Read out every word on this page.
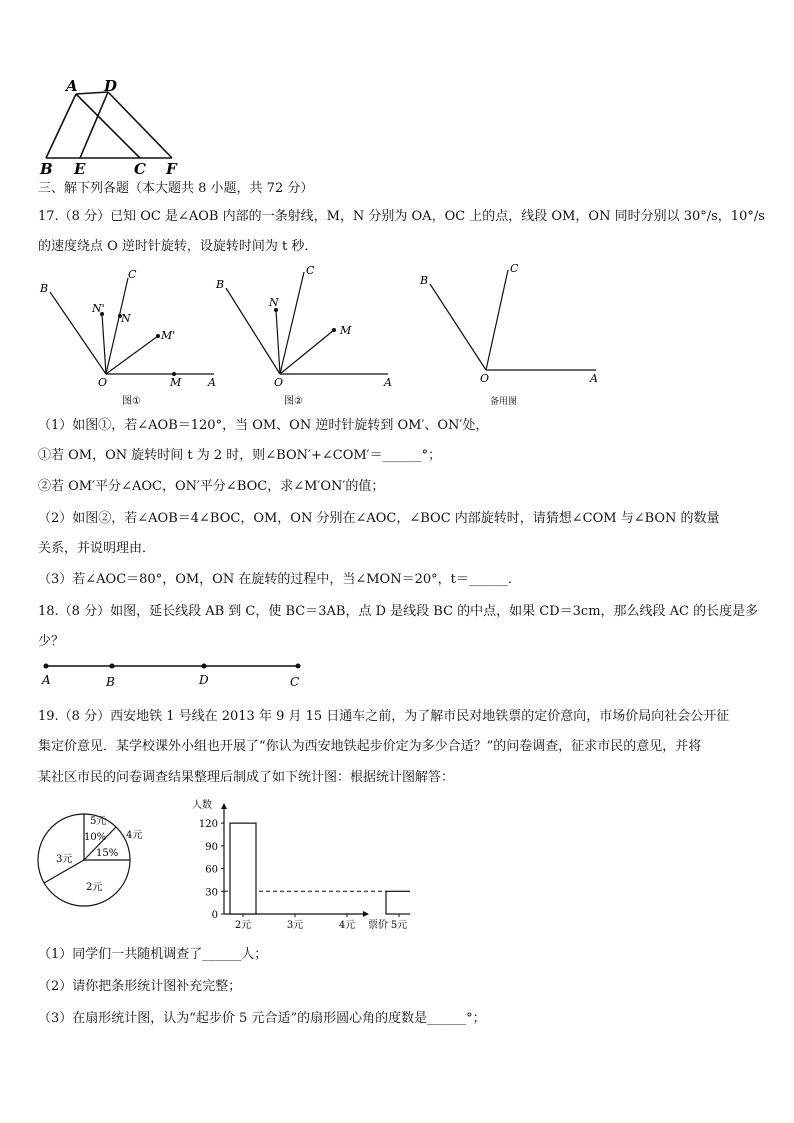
A D
B E	C F
三、解下列各题（本大题共 8 小题，共 72 分）
17.（8 分）已知 OC 是∠AOB 内部的一条射线，M，N 分别为 OA，OC 上的点，线段 OM，ON 同时分别以 30°/s，10°/s
的速度绕点 O 逆时针旋转，设旋转时间为 t 秒．
B
C
N'
N
M'
O	M A
图①
B
C
N
M
O	A
图②
B
C
O	A
备用图
（1）如图①，若∠AOB＝120°，当 OM、ON 逆时针旋转到 OM′、ON′处，
①若 OM，ON 旋转时间 t 为 2 时，则∠BON′+∠COM′＝______°；
②若 OM′平分∠AOC，ON′平分∠BOC，求∠M′ON′的值；
（2）如图②，若∠AOB＝4∠BOC，OM，ON 分别在∠AOC，∠BOC 内部旋转时，请猜想∠COM 与∠BON 的数量
关系，并说明理由．
（3）若∠AOC＝80°，OM，ON 在旋转的过程中，当∠MON＝20°，t＝______．
18.（8 分）如图，延长线段 AB 到 C，使 BC＝3AB，点 D 是线段 BC 的中点，如果 CD＝3cm，那么线段 AC 的长度是多
少？
A	B	D	C
19.（8 分）西安地铁 1 号线在 2013 年 9 月 15 日通车之前，为了解市民对地铁票的定价意向，市场价局向社会公开征
集定价意见．某学校课外小组也开展了“你认为西安地铁起步价定为多少合适？”的问卷调查，征求市民的意见，并将
某社区市民的问卷调查结果整理后制成了如下统计图：根据统计图解答：
5元
10% 4元
15%
3元
2元
人数
票价
0
30
60
90
120
2元	3元	4元	5元
（1）同学们一共随机调查了______人；
（2）请你把条形统计图补充完整；
（3）在扇形统计图，认为“起步价 5 元合适”的扇形圆心角的度数是______°；
